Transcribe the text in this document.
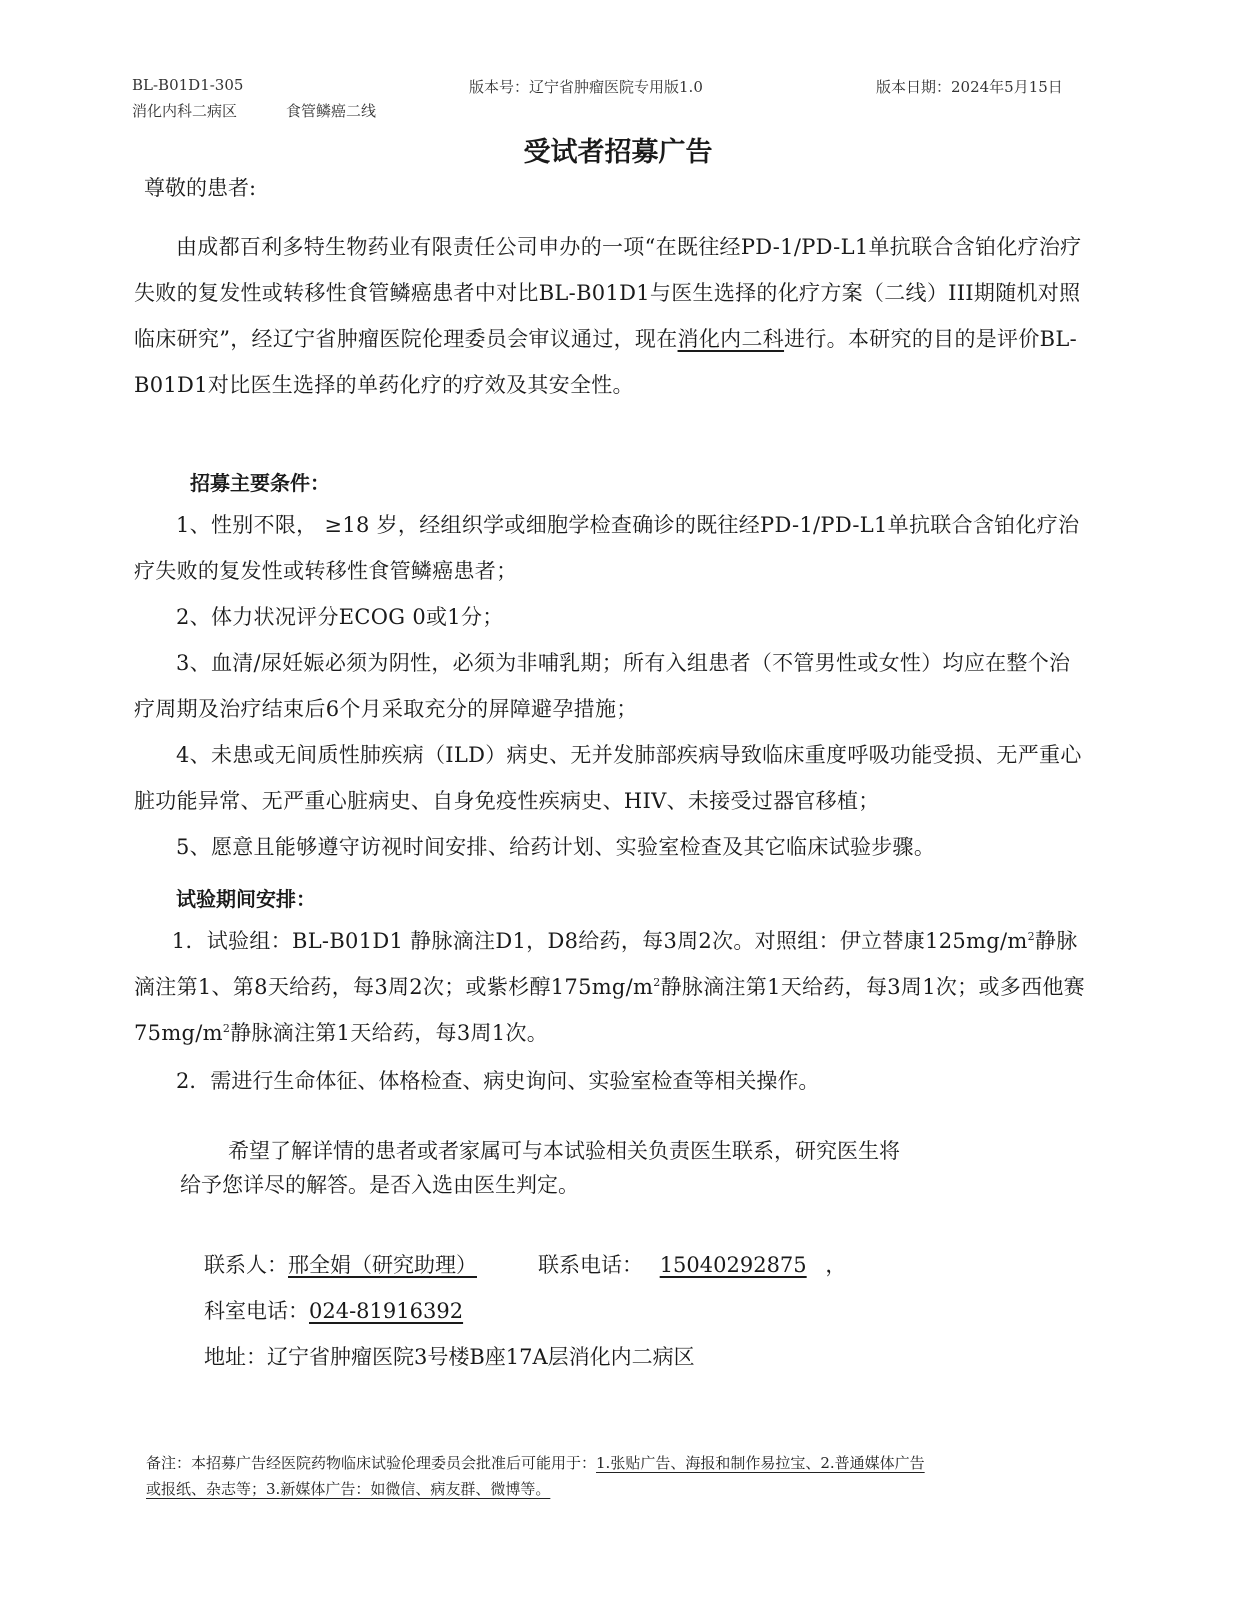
BL-B01D1-305	版本号：辽宁省肿瘤医院专用版1.0	版本日期：2024年5月15日
消化内科二病区	食管鳞癌二线
受试者招募广告
尊敬的患者:
由成都百利多特生物药业有限责任公司申办的一项“在既往经PD-1/PD-L1单抗联合含铂化疗治疗失败的复发性或转移性食管鳞癌患者中对比BL-B01D1与医生选择的化疗方案（二线）III期随机对照临床研究”，经辽宁省肿瘤医院伦理委员会审议通过，现在消化内二科进行。本研究的目的是评价BL-B01D1对比医生选择的单药化疗的疗效及其安全性。
招募主要条件：
1、性别不限， ≥18 岁，经组织学或细胞学检查确诊的既往经PD-1/PD-L1单抗联合含铂化疗治疗失败的复发性或转移性食管鳞癌患者；
2、体力状况评分ECOG 0或1分；
3、血清/尿妊娠必须为阴性，必须为非哺乳期；所有入组患者（不管男性或女性）均应在整个治疗周期及治疗结束后6个月采取充分的屏障避孕措施；
4、未患或无间质性肺疾病（ILD）病史、无并发肺部疾病导致临床重度呼吸功能受损、无严重心脏功能异常、无严重心脏病史、自身免疫性疾病史、HIV、未接受过器官移植；
5、愿意且能够遵守访视时间安排、给药计划、实验室检查及其它临床试验步骤。
试验期间安排：
1．试验组：BL-B01D1 静脉滴注D1，D8给药，每3周2次。对照组：伊立替康$125mg/m^2$静脉滴注第1、第8天给药，每3周2次；或紫杉醇$175mg/m^2$静脉滴注第1天给药，每3周1次；或多西他赛$75mg/m^2$静脉滴注第1天给药，每3周1次。
2．需进行生命体征、体格检查、病史询问、实验室检查等相关操作。
希望了解详情的患者或者家属可与本试验相关负责医生联系，研究医生将
给予您详尽的解答。是否入选由医生判定。
联系人：邢全娟（研究助理）	联系电话： 15040292875 ，
科室电话：024-81916392
地址：辽宁省肿瘤医院3号楼B座17A层消化内二病区
备注：本招募广告经医院药物临床试验伦理委员会批准后可能用于：1.张贴广告、海报和制作易拉宝、2.普通媒体广告
或报纸、杂志等；3.新媒体广告：如微信、病友群、微博等。
